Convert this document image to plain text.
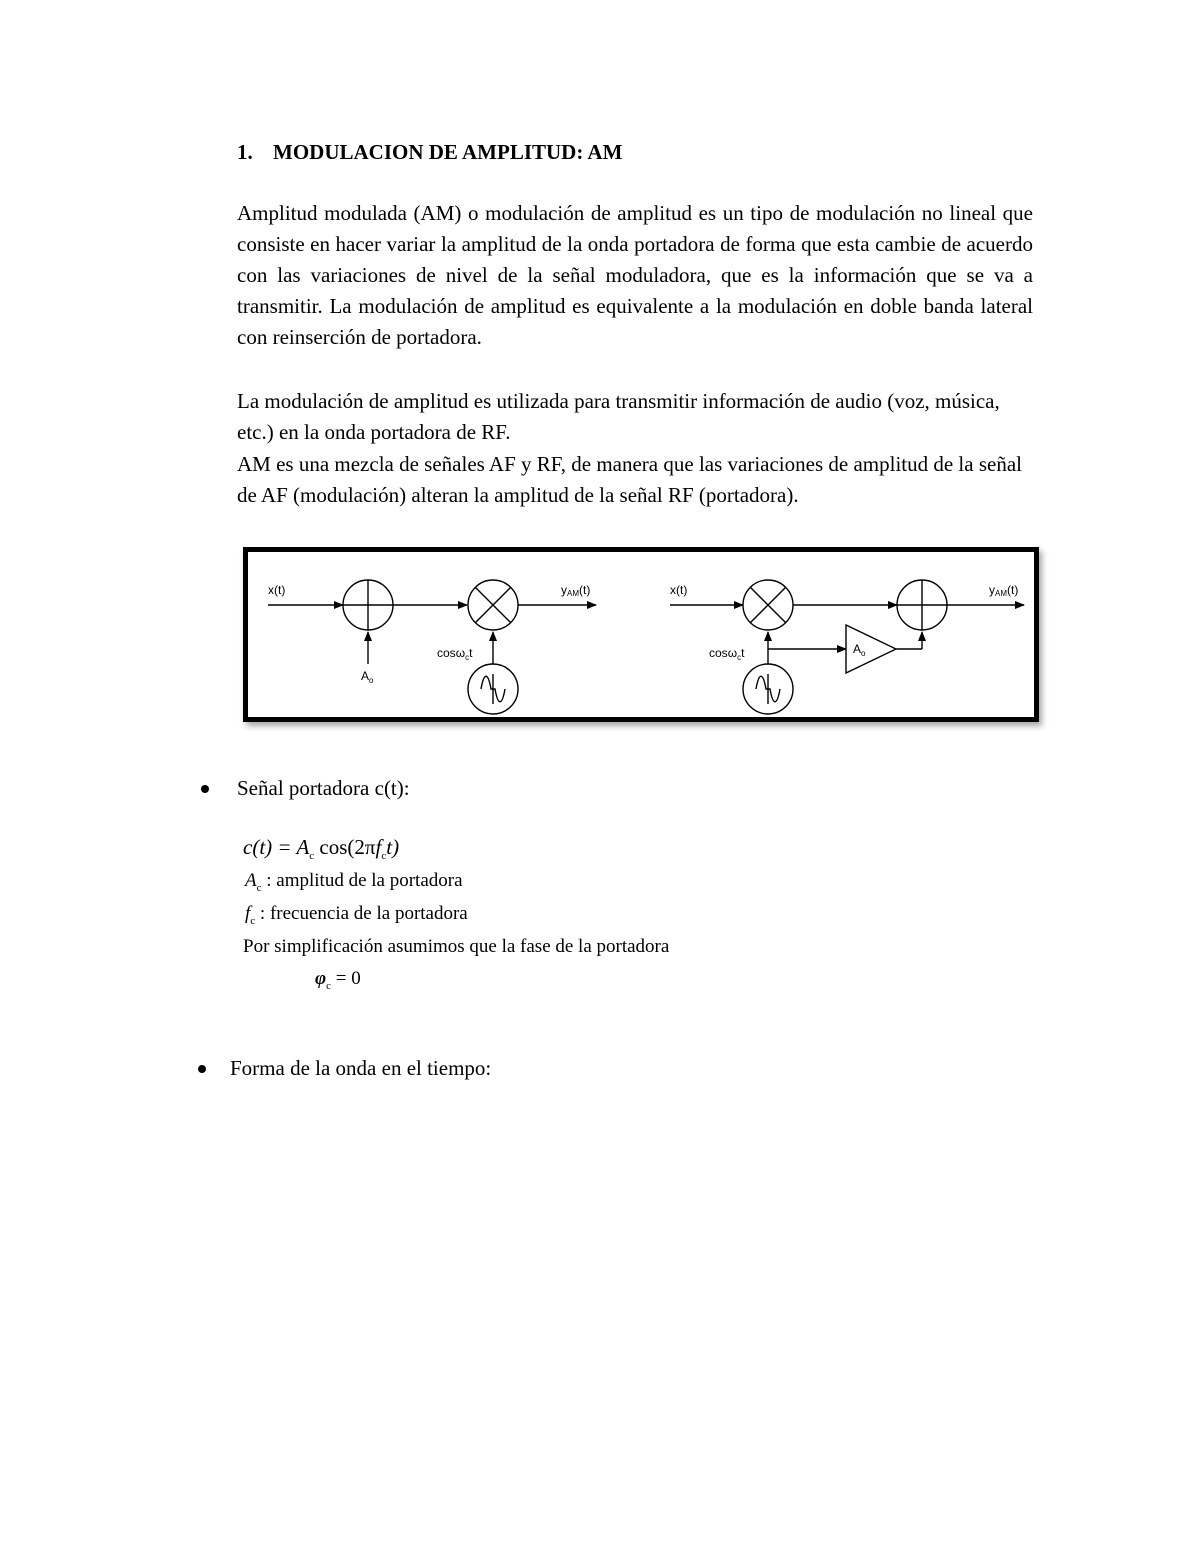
1. MODULACION DE AMPLITUD: AM

Amplitud modulada (AM) o modulación de amplitud es un tipo de modulación no lineal que consiste en hacer variar la amplitud de la onda portadora de forma que esta cambie de acuerdo con las variaciones de nivel de la señal moduladora, que es la información que se va a transmitir. La modulación de amplitud es equivalente a la modulación en doble banda lateral con reinserción de portadora.

La modulación de amplitud es utilizada para transmitir información de audio (voz, música, etc.) en la onda portadora de RF.

AM es una mezcla de señales AF y RF, de manera que las variaciones de amplitud de la señal de AF (modulación) alteran la amplitud de la señal RF (portadora).

x(t)	yAM(t)
$A_o$
cosω$_c$t
x(t)	yAM(t)
$A_o$
cosω$_c$t
Señal portadora c(t):
$c(t) = A_c$ $\cos(2\pi f_ct)$
$A_c$ : amplitud de la portadora
$f_c$ : frecuencia de la portadora
Por simplificación asumimos que la fase de la portadora
$\varphi_c = 0$
Forma de la onda en el tiempo:
